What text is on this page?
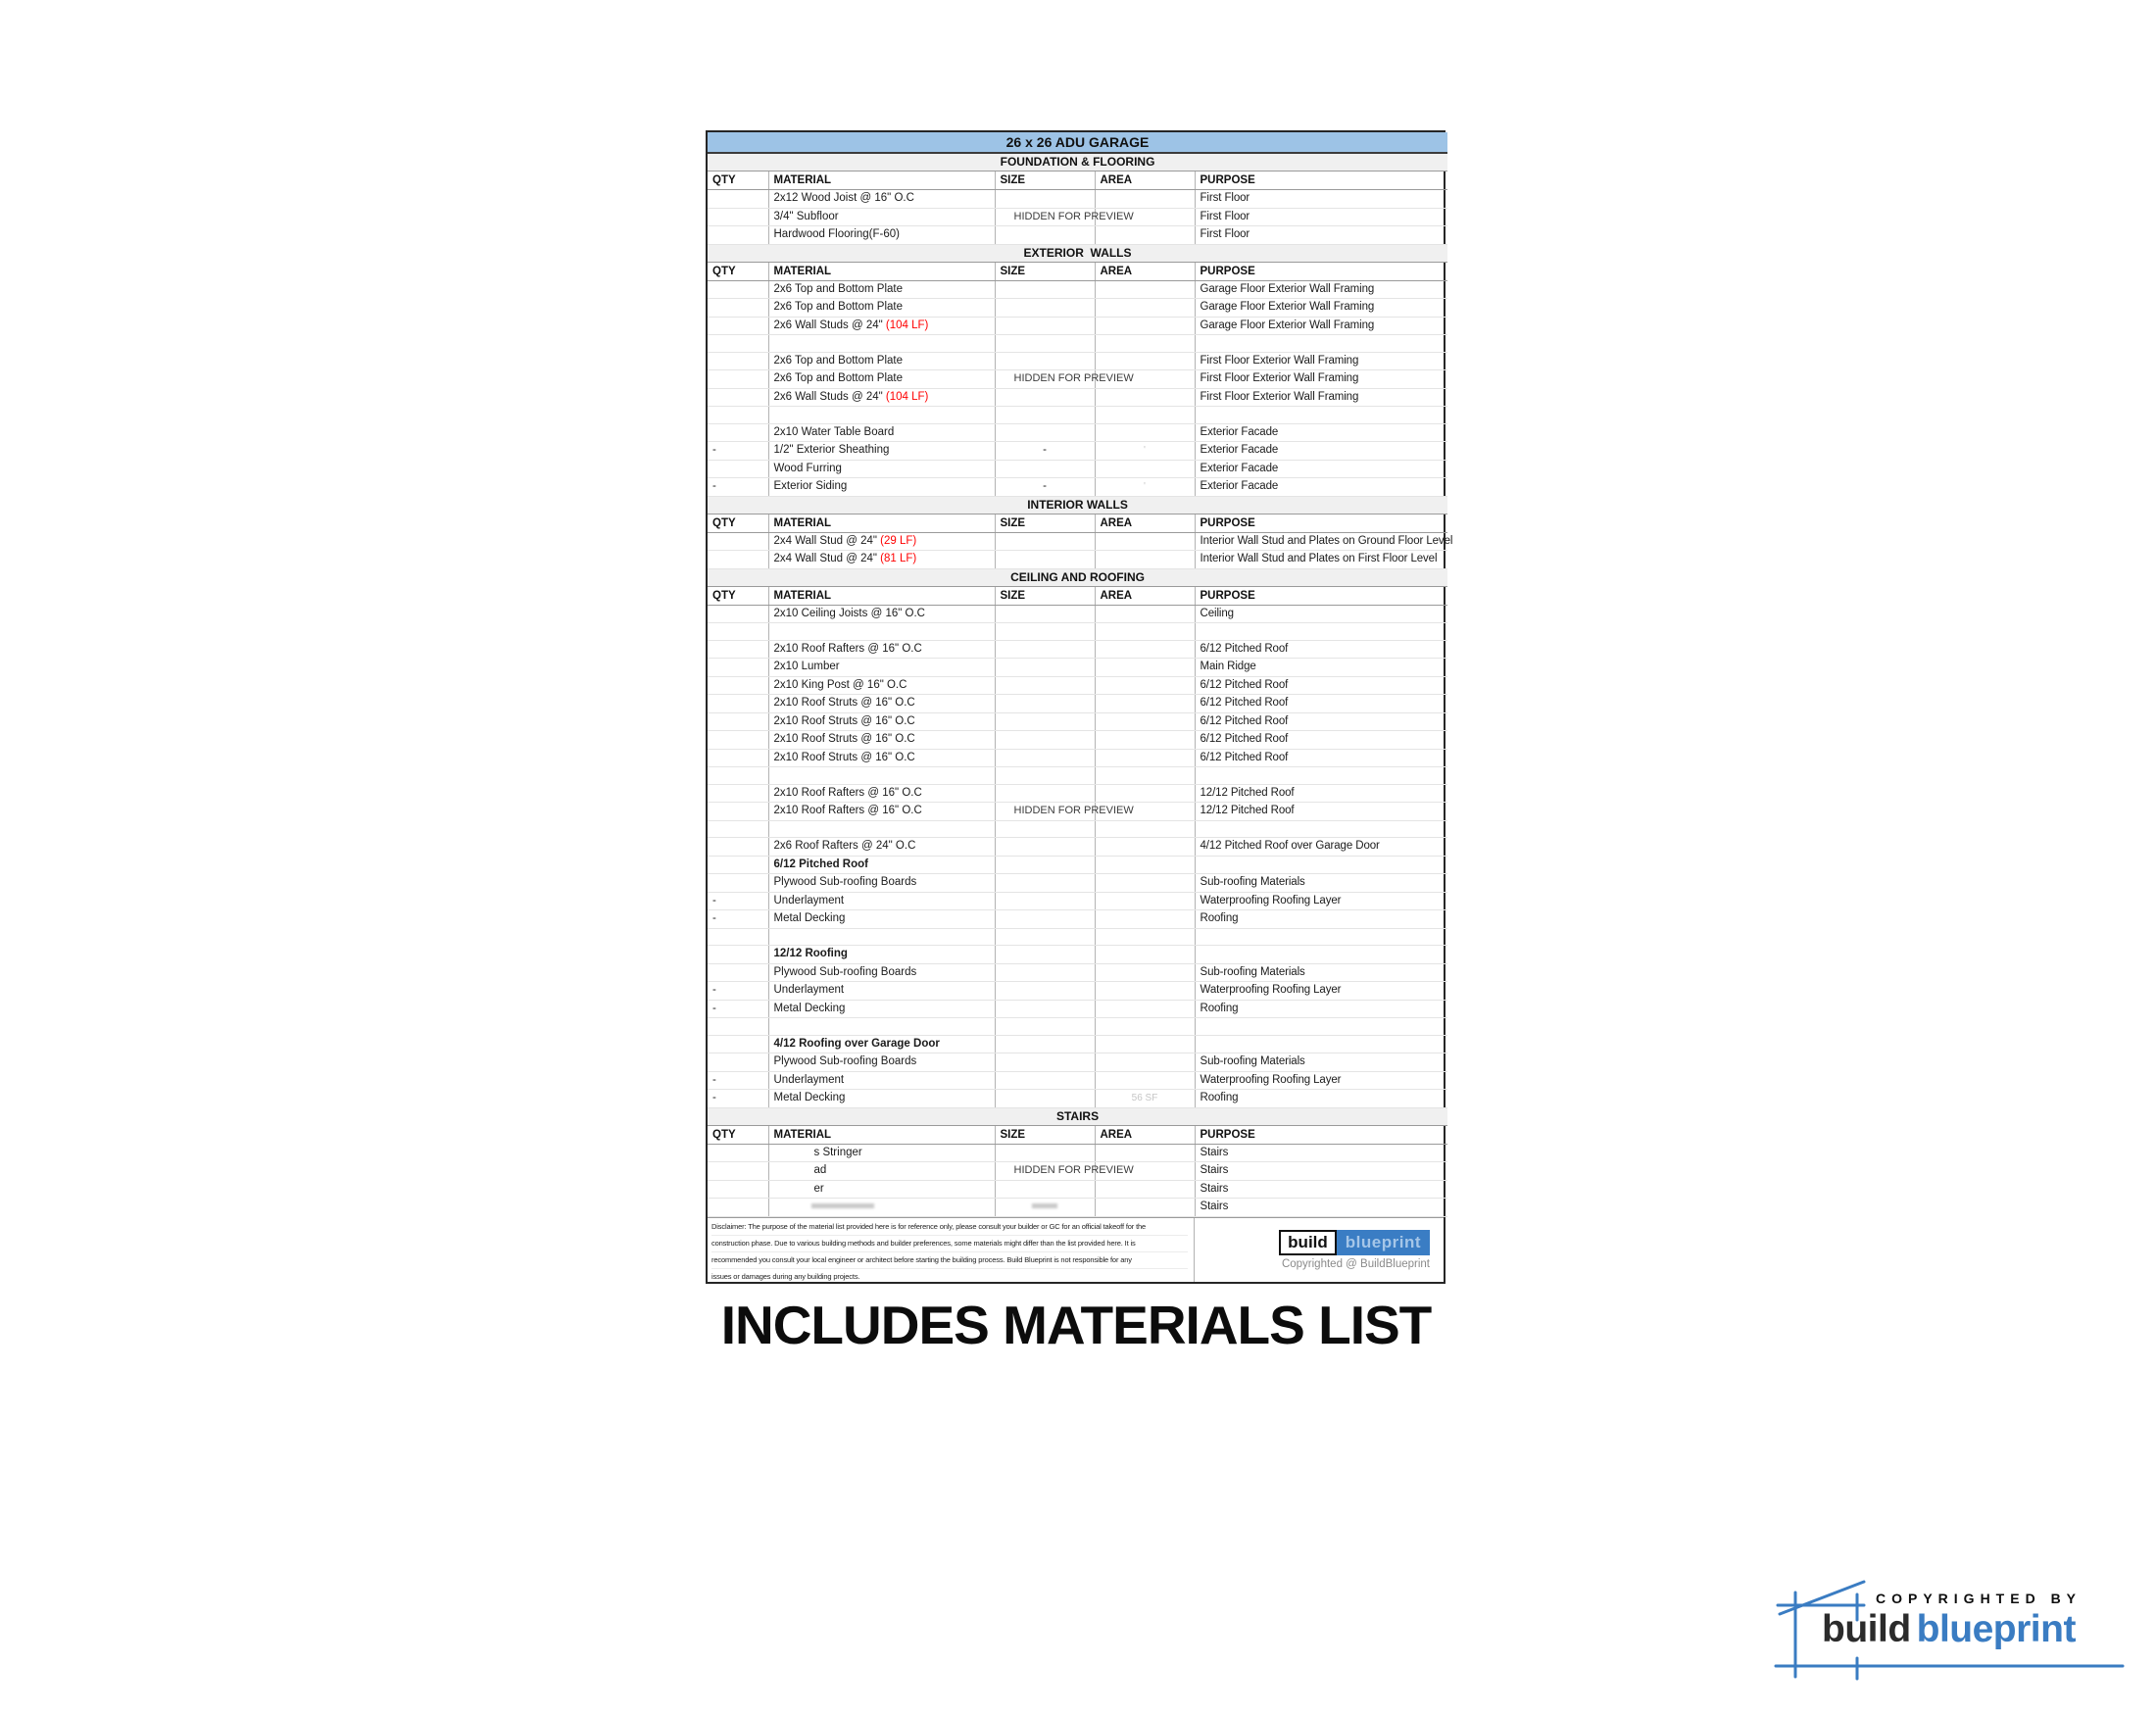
26 x 26 ADU GARAGE				
FOUNDATION & FLOORING				
QTY	MATERIAL	SIZE	AREA	PURPOSE
	2x12 Wood Joist @ 16" O.C			First Floor
	3/4" Subfloor	HIDDEN FOR PREVIEW		First Floor
	Hardwood Flooring(F-60)			First Floor
EXTERIOR  WALLS				
QTY	MATERIAL	SIZE	AREA	PURPOSE
	2x6 Top and Bottom Plate			Garage Floor Exterior Wall Framing
	2x6 Top and Bottom Plate			Garage Floor Exterior Wall Framing
	2x6 Wall Studs @ 24" (104 LF)			Garage Floor Exterior Wall Framing

	2x6 Top and Bottom Plate			First Floor Exterior Wall Framing
	2x6 Top and Bottom Plate	HIDDEN FOR PREVIEW		First Floor Exterior Wall Framing
	2x6 Wall Studs @ 24" (104 LF)			First Floor Exterior Wall Framing

	2x10 Water Table Board			Exterior Facade
-	1/2" Exterior Sheathing	-	'	Exterior Facade
	Wood Furring			Exterior Facade
-	Exterior Siding	-	'	Exterior Facade
INTERIOR WALLS				
QTY	MATERIAL	SIZE	AREA	PURPOSE
	2x4 Wall Stud @ 24" (29 LF)			Interior Wall Stud and Plates on Ground Floor Level
	2x4 Wall Stud @ 24" (81 LF)			Interior Wall Stud and Plates on First Floor Level
CEILING AND ROOFING				
QTY	MATERIAL	SIZE	AREA	PURPOSE
	2x10 Ceiling Joists @ 16" O.C			Ceiling

	2x10 Roof Rafters @ 16" O.C			6/12 Pitched Roof
	2x10 Lumber			Main Ridge
	2x10 King Post @ 16" O.C			6/12 Pitched Roof
	2x10 Roof Struts @ 16" O.C			6/12 Pitched Roof
	2x10 Roof Struts @ 16" O.C			6/12 Pitched Roof
	2x10 Roof Struts @ 16" O.C			6/12 Pitched Roof
	2x10 Roof Struts @ 16" O.C			6/12 Pitched Roof

	2x10 Roof Rafters @ 16" O.C			12/12 Pitched Roof
	2x10 Roof Rafters @ 16" O.C	HIDDEN FOR PREVIEW		12/12 Pitched Roof

	2x6 Roof Rafters @ 24" O.C			4/12 Pitched Roof over Garage Door
	6/12 Pitched Roof			
	Plywood Sub-roofing Boards			Sub-roofing Materials
-	Underlayment			Waterproofing Roofing Layer
-	Metal Decking			Roofing

	12/12 Roofing			
	Plywood Sub-roofing Boards			Sub-roofing Materials
-	Underlayment			Waterproofing Roofing Layer
-	Metal Decking			Roofing

	4/12 Roofing over Garage Door			
	Plywood Sub-roofing Boards			Sub-roofing Materials
-	Underlayment			Waterproofing Roofing Layer
-	Metal Decking		56 SF	Roofing
STAIRS				
QTY	MATERIAL	SIZE	AREA	PURPOSE
	s Stringer			Stairs
	ad	HIDDEN FOR PREVIEW		Stairs
	er			Stairs
				Stairs
Disclaimer: The purpose of the material list provided here is for reference only, please consult your builder or GC for an official takeoff for the
construction phase. Due to various building methods and builder preferences, some materials might differ than the list provided here. It is
recommended you consult your local engineer or architect before starting the building process. Build Blueprint is not responsible for any
issues or damages during any building projects.
build	blueprint
Copyrighted @ BuildBlueprint
INCLUDES MATERIALS LIST
COPYRIGHTED BY
build blueprint
